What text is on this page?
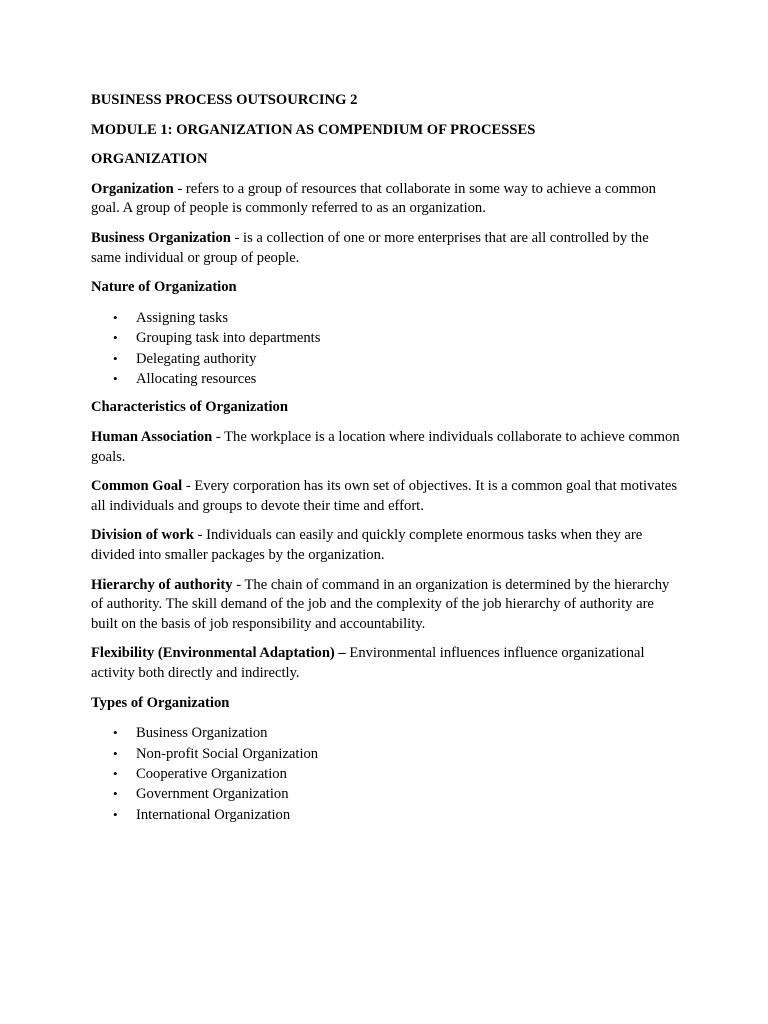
BUSINESS PROCESS OUTSOURCING 2
MODULE 1: ORGANIZATION AS COMPENDIUM OF PROCESSES
ORGANIZATION
Organization - refers to a group of resources that collaborate in some way to achieve a common goal. A group of people is commonly referred to as an organization.
Business Organization - is a collection of one or more enterprises that are all controlled by the same individual or group of people.
Nature of Organization
• Assigning tasks
• Grouping task into departments
• Delegating authority
• Allocating resources
Characteristics of Organization
Human Association - The workplace is a location where individuals collaborate to achieve common goals.
Common Goal - Every corporation has its own set of objectives. It is a common goal that motivates all individuals and groups to devote their time and effort.
Division of work - Individuals can easily and quickly complete enormous tasks when they are divided into smaller packages by the organization.
Hierarchy of authority - The chain of command in an organization is determined by the hierarchy of authority. The skill demand of the job and the complexity of the job hierarchy of authority are built on the basis of job responsibility and accountability.
Flexibility (Environmental Adaptation) – Environmental influences influence organizational activity both directly and indirectly.
Types of Organization
• Business Organization
• Non-profit Social Organization
• Cooperative Organization
• Government Organization
• International Organization
